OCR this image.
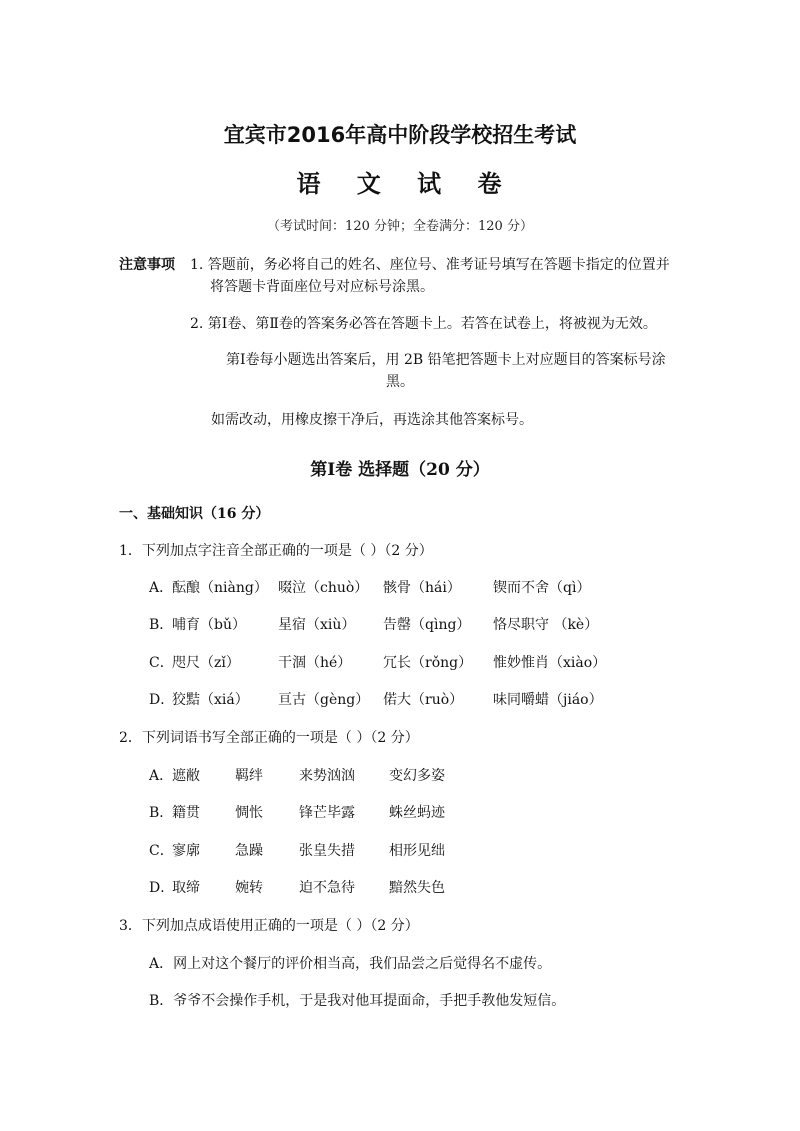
宜宾市2016年高中阶段学校招生考试
语 文 试 卷
（考试时间：120 分钟；全卷满分：120 分）
注意事项 1. 答题前，务必将自己的姓名、座位号、准考证号填写在答题卡指定的位置并
将答题卡背面座位号对应标号涂黑。
2. 第Ⅰ卷、第Ⅱ卷的答案务必答在答题卡上。若答在试卷上，将被视为无效。
第Ⅰ卷每小题选出答案后，用 2B 铅笔把答题卡上对应题目的答案标号涂
黑。
如需改动，用橡皮擦干净后，再选涂其他答案标号。
第Ⅰ卷 选择题（20 分）
一、基础知识（16 分）
1．下列加点字注音全部正确的一项是（ ）（2 分）
A．
酝酿（niàng） 啜泣（chuò） 骸骨（hái） 锲而不舍（qì）
B．
哺育（bǔ） 星宿（xiù） 告罄（qìng） 恪尽职守 （kè）
C．
咫尺（zǐ）	干涸（hé） 冗长（rǒng） 惟妙惟肖（xiào）
D．
狡黠（xiá） 亘古（gèng） 偌大（ruò） 味同嚼蜡（jiáo）
2．下列词语书写全部正确的一项是（ ）（2 分）
A．
遮敝	羁绊	来势汹汹 变幻多姿
B．
籍贯	惆怅	锋芒毕露 蛛丝蚂迹
C．
寥廓	急躁	张皇失措 相形见绌
D．
取缔	婉转	迫不急待 黯然失色
3．下列加点成语使用正确的一项是（ ）（2 分）
A．网上对这个餐厅的评价相当高，我们品尝之后觉得名不虚传。
B．爷爷不会操作手机，于是我对他耳提面命，手把手教他发短信。
